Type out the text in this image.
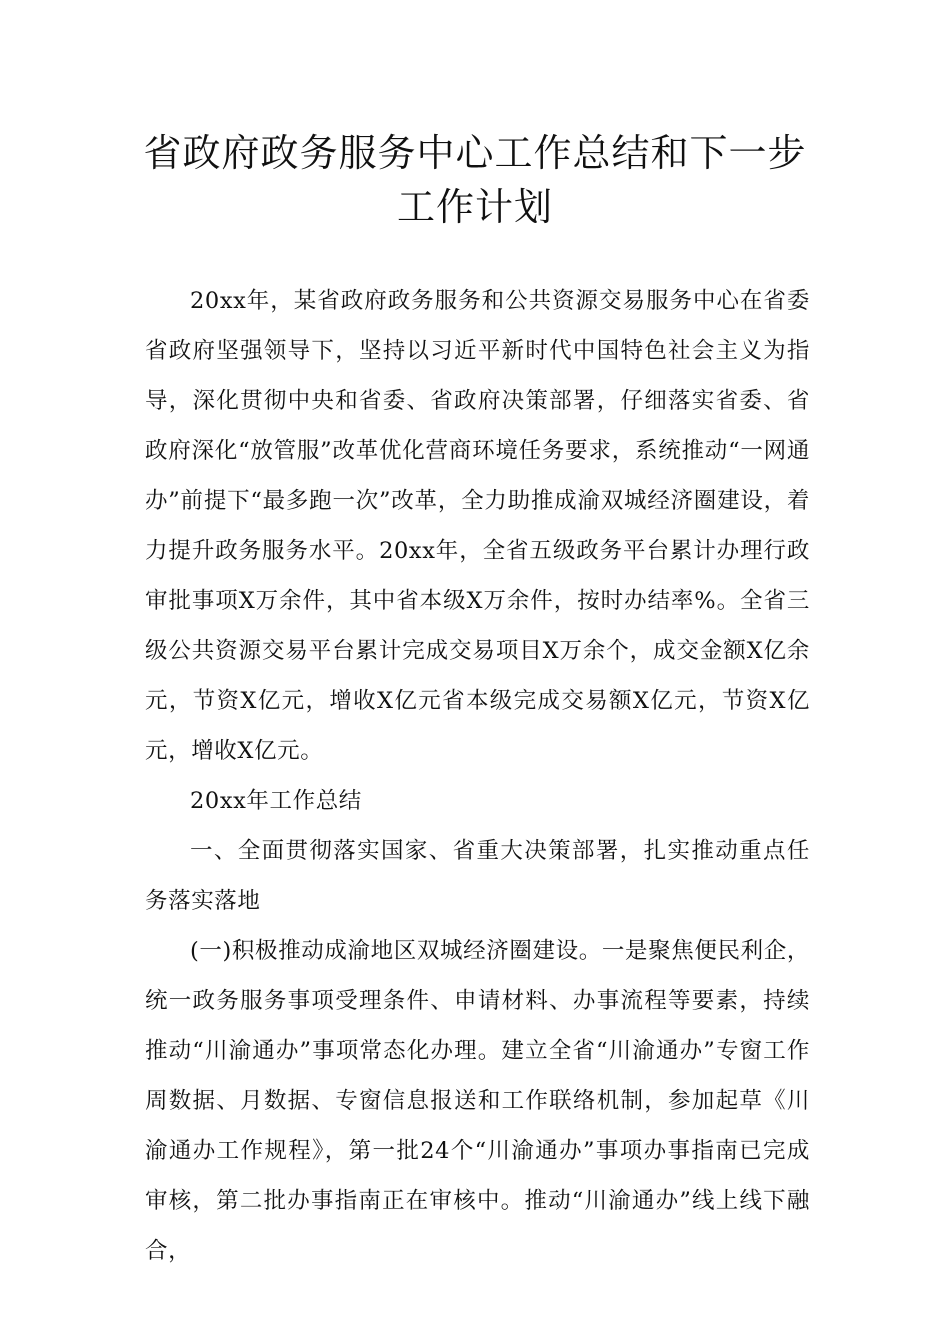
省政府政务服务中心工作总结和下一步
工作计划

20xx年，某省政府政务服务和公共资源交易服务中心在省委省政府坚强领导下，坚持以习近平新时代中国特色社会主义为指导，深化贯彻中央和省委、省政府决策部署，仔细落实省委、省政府深化“放管服”改革优化营商环境任务要求，系统推动“一网通办”前提下“最多跑一次”改革，全力助推成渝双城经济圈建设，着力提升政务服务水平。20xx年，全省五级政务平台累计办理行政审批事项X万余件，其中省本级X万余件，按时办结率%。全省三级公共资源交易平台累计完成交易项目X万余个，成交金额X亿余元，节资X亿元，增收X亿元省本级完成交易额X亿元，节资X亿元，增收X亿元。

20xx年工作总结

一、全面贯彻落实国家、省重大决策部署，扎实推动重点任务落实落地

(一)积极推动成渝地区双城经济圈建设。一是聚焦便民利企，统一政务服务事项受理条件、申请材料、办事流程等要素，持续推动“川渝通办”事项常态化办理。建立全省“川渝通办”专窗工作周数据、月数据、专窗信息报送和工作联络机制，参加起草《川渝通办工作规程》，第一批24个“川渝通办”事项办事指南已完成审核，第二批办事指南正在审核中。推动“川渝通办”线上线下融合，
